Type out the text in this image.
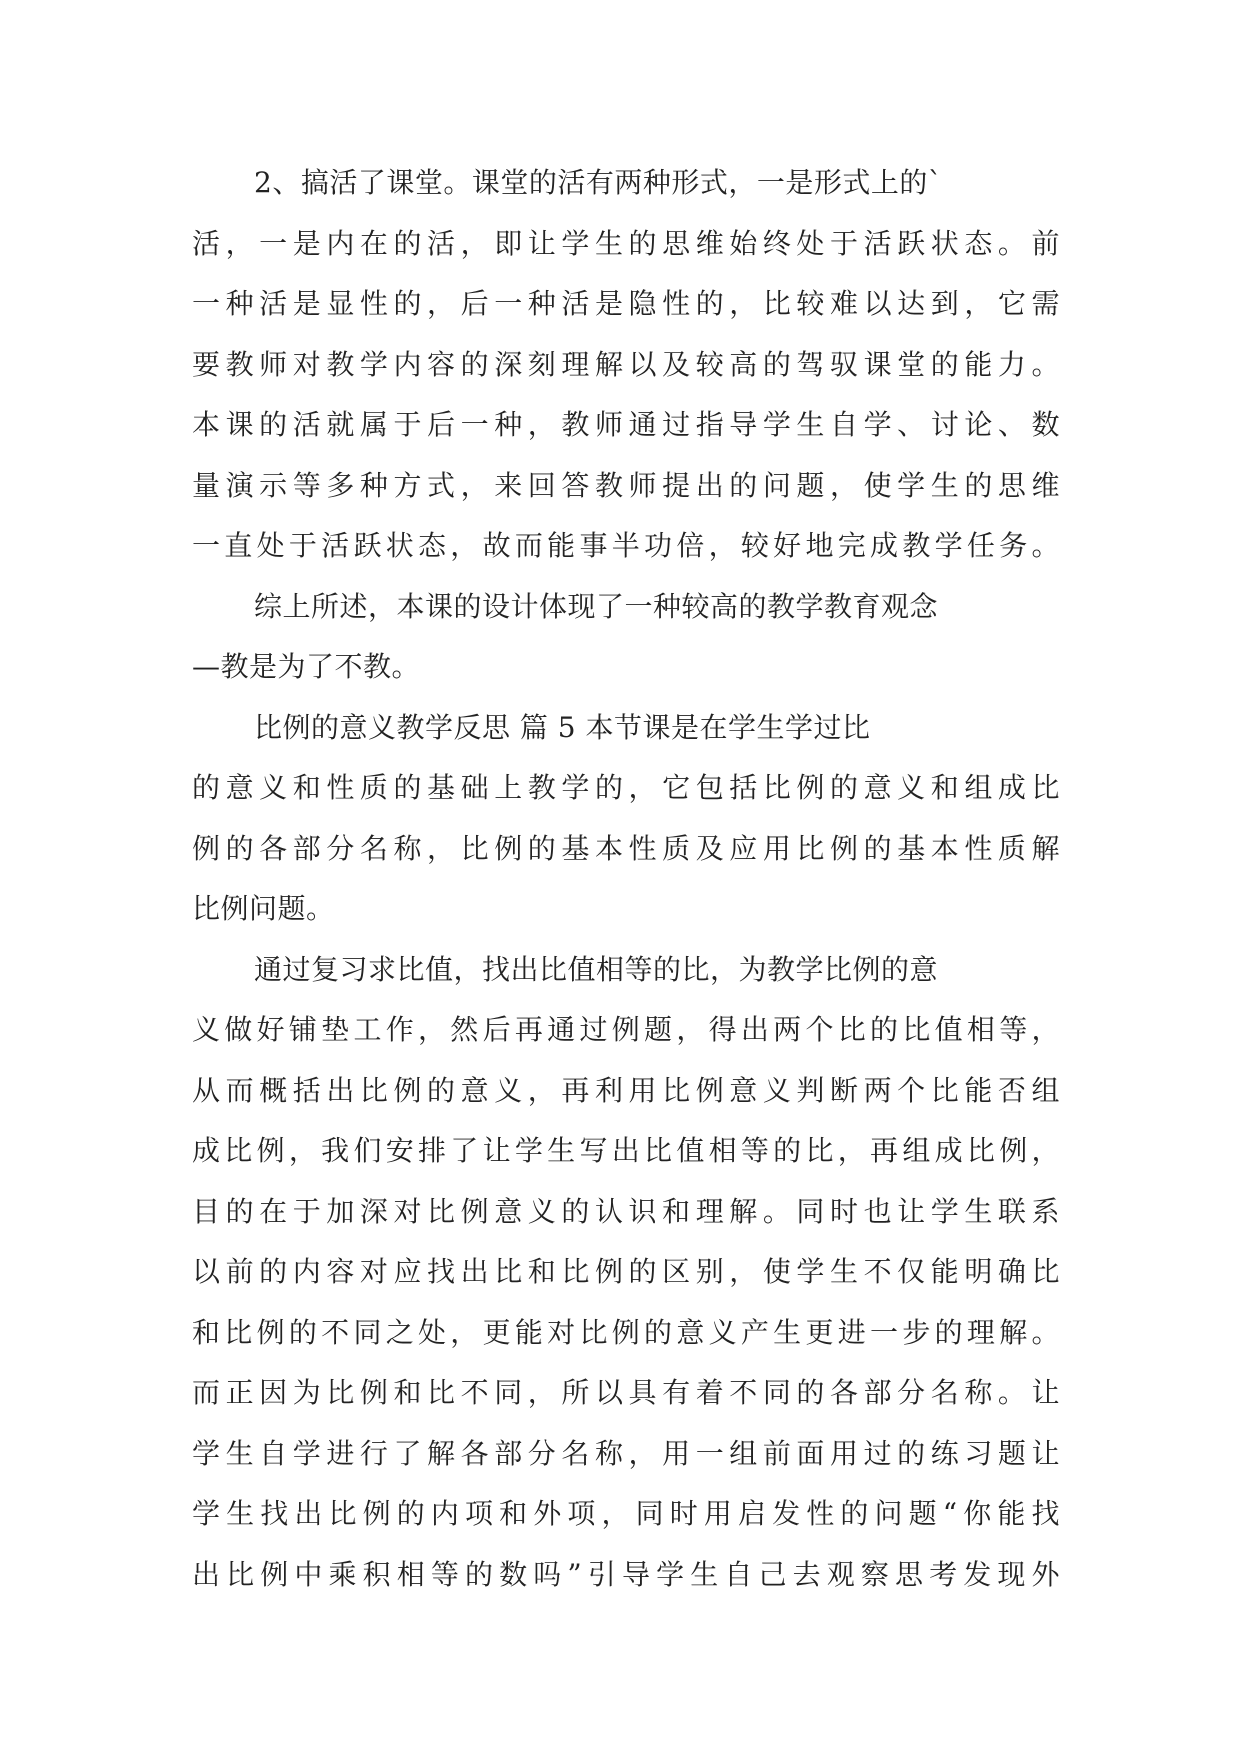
2、搞活了课堂。课堂的活有两种形式，一是形式上的`
活，一是内在的活，即让学生的思维始终处于活跃状态。前
一种活是显性的，后一种活是隐性的，比较难以达到，它需
要教师对教学内容的深刻理解以及较高的驾驭课堂的能力。
本课的活就属于后一种，教师通过指导学生自学、讨论、数
量演示等多种方式，来回答教师提出的问题，使学生的思维
一直处于活跃状态，故而能事半功倍，较好地完成教学任务。
综上所述，本课的设计体现了一种较高的教学教育观念
—教是为了不教。
比例的意义教学反思 篇 5 本节课是在学生学过比
的意义和性质的基础上教学的，它包括比例的意义和组成比
例的各部分名称，比例的基本性质及应用比例的基本性质解
比例问题。
通过复习求比值，找出比值相等的比，为教学比例的意
义做好铺垫工作，然后再通过例题，得出两个比的比值相等，
从而概括出比例的意义，再利用比例意义判断两个比能否组
成比例，我们安排了让学生写出比值相等的比，再组成比例，
目的在于加深对比例意义的认识和理解。同时也让学生联系
以前的内容对应找出比和比例的区别，使学生不仅能明确比
和比例的不同之处，更能对比例的意义产生更进一步的理解。
而正因为比例和比不同，所以具有着不同的各部分名称。让
学生自学进行了解各部分名称，用一组前面用过的练习题让
学生找出比例的内项和外项，同时用启发性的问题“你能找
出比例中乘积相等的数吗”引导学生自己去观察思考发现外
